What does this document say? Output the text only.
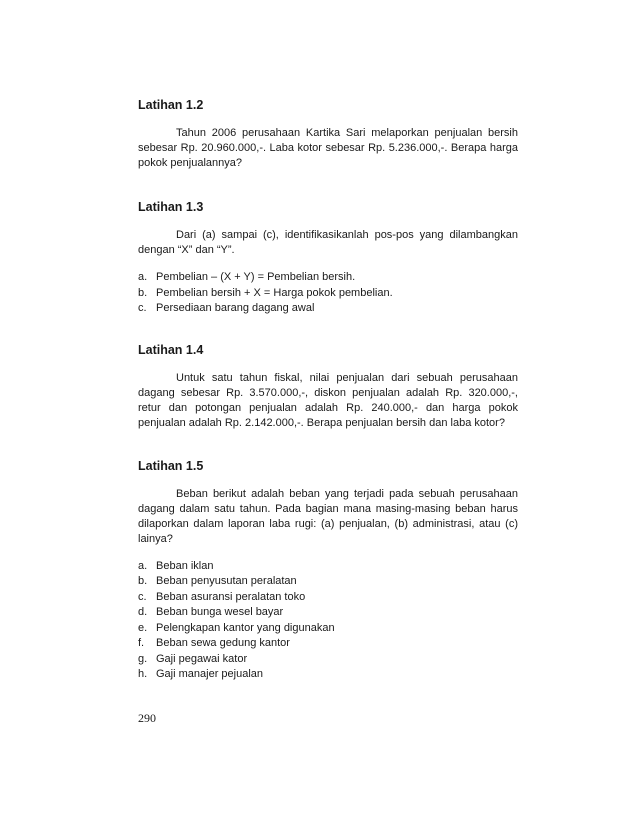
Latihan 1.2

Tahun 2006 perusahaan Kartika Sari melaporkan penjualan bersih sebesar Rp. 20.960.000,-. Laba kotor sebesar Rp. 5.236.000,-. Berapa harga pokok penjualannya?

Latihan 1.3

Dari (a) sampai (c), identifikasikanlah pos-pos yang dilambangkan dengan “X” dan “Y”.

a. Pembelian – (X + Y) = Pembelian bersih.
b. Pembelian bersih + X = Harga pokok pembelian.
c. Persediaan barang dagang awal
Latihan 1.4

Untuk satu tahun fiskal, nilai penjualan dari sebuah perusahaan dagang sebesar Rp. 3.570.000,-, diskon penjualan adalah Rp. 320.000,-, retur dan potongan penjualan adalah Rp. 240.000,- dan harga pokok penjualan adalah Rp. 2.142.000,-. Berapa penjualan bersih dan laba kotor?

Latihan 1.5

Beban berikut adalah beban yang terjadi pada sebuah perusahaan dagang dalam satu tahun. Pada bagian mana masing-masing beban harus dilaporkan dalam laporan laba rugi: (a) penjualan, (b) administrasi, atau (c) lainya?

a. Beban iklan
b. Beban penyusutan peralatan
c. Beban asuransi peralatan toko
d. Beban bunga wesel bayar
e. Pelengkapan kantor yang digunakan
f.	Beban sewa gedung kantor
g. Gaji pegawai kator
h. Gaji manajer pejualan
290
